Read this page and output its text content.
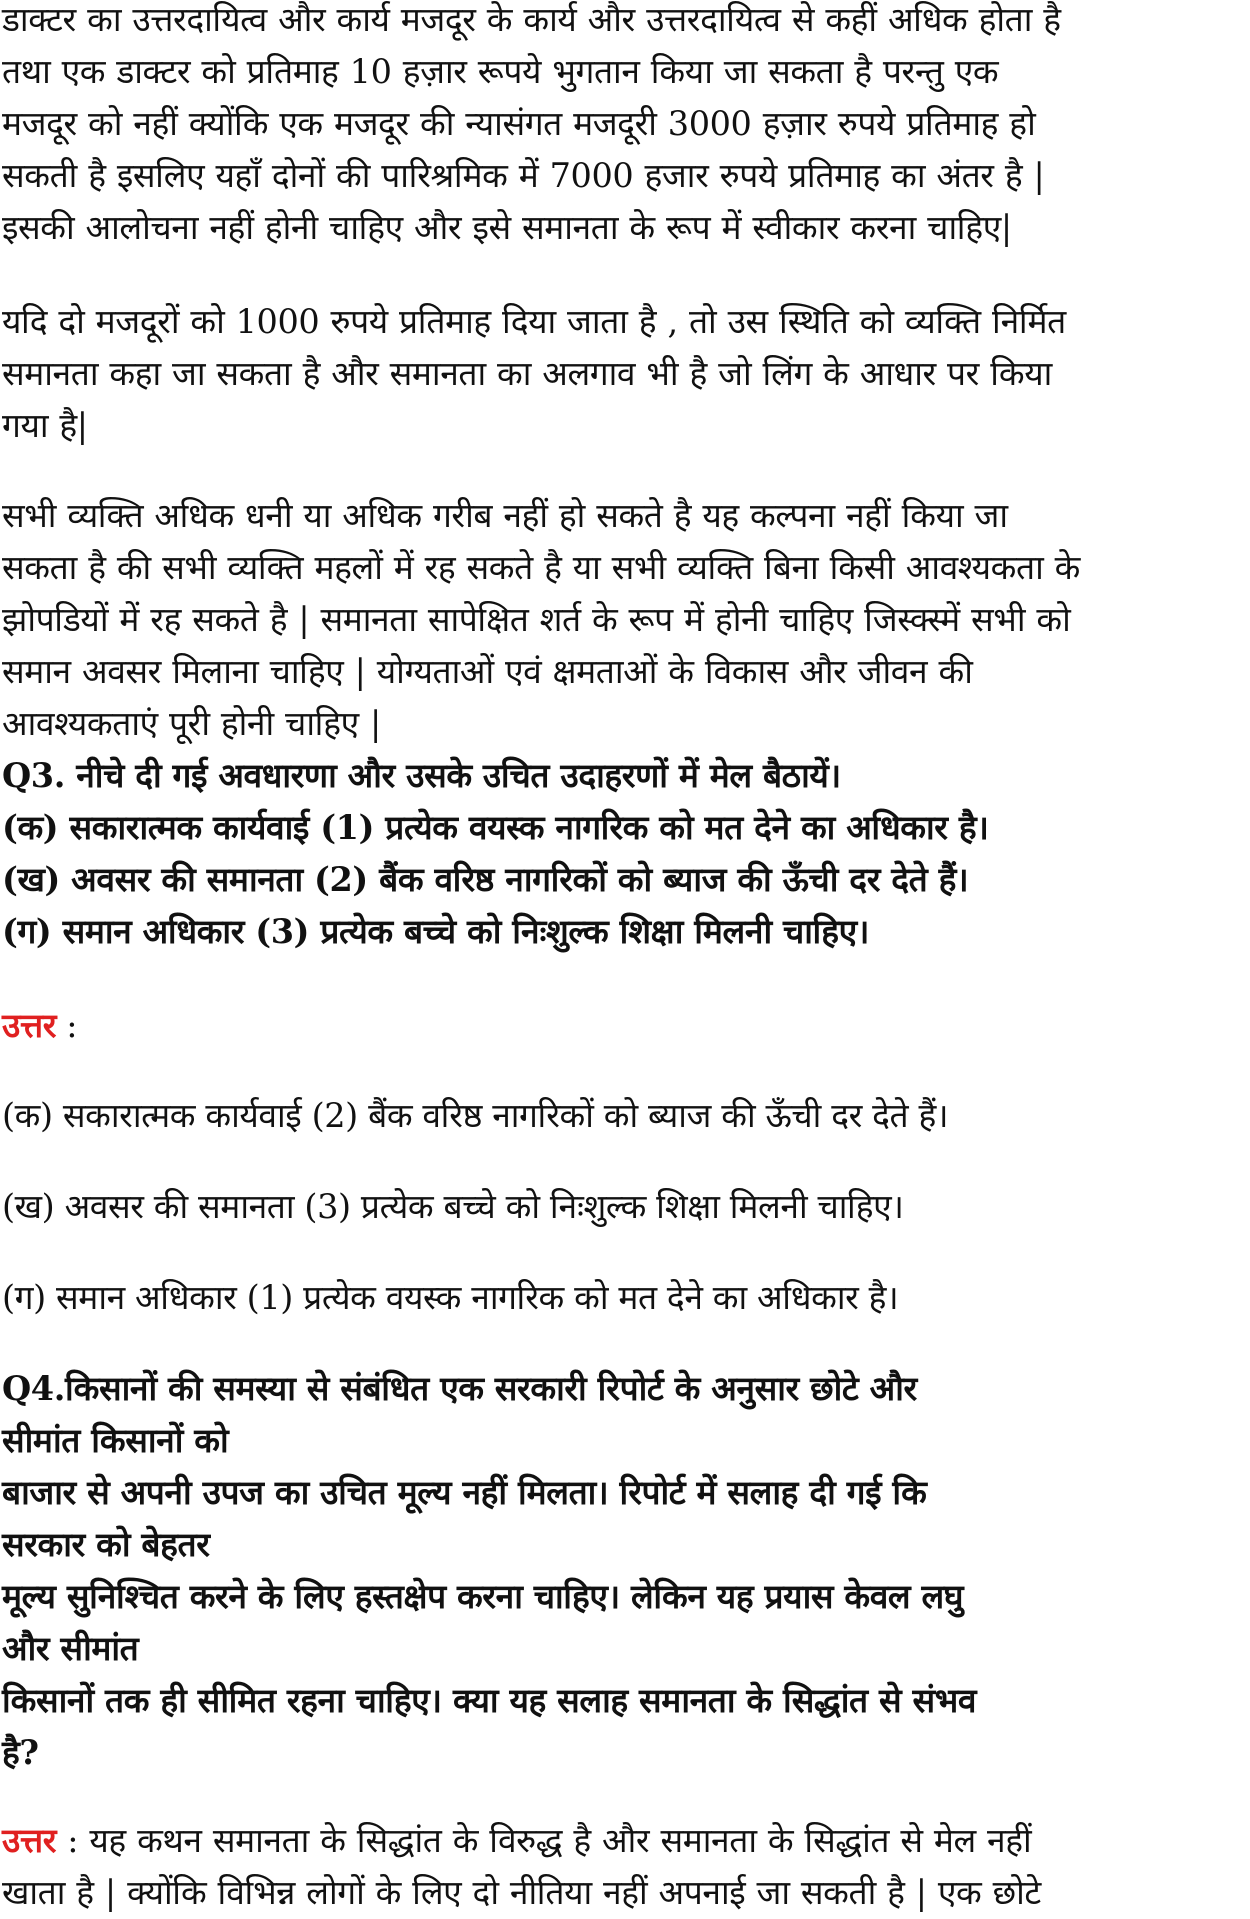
डाक्टर का उत्तरदायित्व और कार्य मजदूर के कार्य और उत्तरदायित्व से कहीं अधिक होता है
तथा एक डाक्टर को प्रतिमाह 10 हज़ार रूपये भुगतान किया जा सकता है परन्तु एक
मजदूर को नहीं क्योंकि एक मजदूर की न्यासंगत मजदूरी 3000 हज़ार रुपये प्रतिमाह हो
सकती है इसलिए यहाँ दोनों की पारिश्रमिक में 7000 हजार रुपये प्रतिमाह का अंतर है |
इसकी आलोचना नहीं होनी चाहिए और इसे समानता के रूप में स्वीकार करना चाहिए|
यदि दो मजदूरों को 1000 रुपये प्रतिमाह दिया जाता है , तो उस स्थिति को व्यक्ति निर्मित
समानता कहा जा सकता है और समानता का अलगाव भी है जो लिंग के आधार पर किया
गया है|
सभी व्यक्ति अधिक धनी या अधिक गरीब नहीं हो सकते है यह कल्पना नहीं किया जा
सकता है की सभी व्यक्ति महलों में रह सकते है या सभी व्यक्ति बिना किसी आवश्यकता के
झोपडियों में रह सकते है | समानता सापेक्षित शर्त के रूप में होनी चाहिए जिस्क्स्में सभी को
समान अवसर मिलाना चाहिए | योग्यताओं एवं क्षमताओं के विकास और जीवन की
आवश्यकताएं पूरी होनी चाहिए |
Q3. नीचे दी गई अवधारणा और उसके उचित उदाहरणों में मेल बैठायें।
(क) सकारात्मक कार्यवाई (1) प्रत्येक वयस्क नागरिक को मत देने का अधिकार है।
(ख) अवसर की समानता (2) बैंक वरिष्ठ नागरिकों को ब्याज की ऊँची दर देते हैं।
(ग) समान अधिकार (3) प्रत्येक बच्चे को निःशुल्क शिक्षा मिलनी चाहिए।
उत्तर :
(क) सकारात्मक कार्यवाई (2) बैंक वरिष्ठ नागरिकों को ब्याज की ऊँची दर देते हैं।
(ख) अवसर की समानता (3) प्रत्येक बच्चे को निःशुल्क शिक्षा मिलनी चाहिए।
(ग) समान अधिकार (1) प्रत्येक वयस्क नागरिक को मत देने का अधिकार है।
Q4.किसानों की समस्या से संबंधित एक सरकारी रिपोर्ट के अनुसार छोटे और
सीमांत किसानों को
बाजार से अपनी उपज का उचित मूल्य नहीं मिलता। रिपोर्ट में सलाह दी गई कि
सरकार को बेहतर
मूल्य सुनिश्चित करने के लिए हस्तक्षेप करना चाहिए। लेकिन यह प्रयास केवल लघु
और सीमांत
किसानों तक ही सीमित रहना चाहिए। क्या यह सलाह समानता के सिद्धांत से संभव
है?
उत्तर : यह कथन समानता के सिद्धांत के विरुद्ध है और समानता के सिद्धांत से मेल नहीं
खाता है | क्योंकि विभिन्न लोगों के लिए दो नीतिया नहीं अपनाई जा सकती है | एक छोटे
